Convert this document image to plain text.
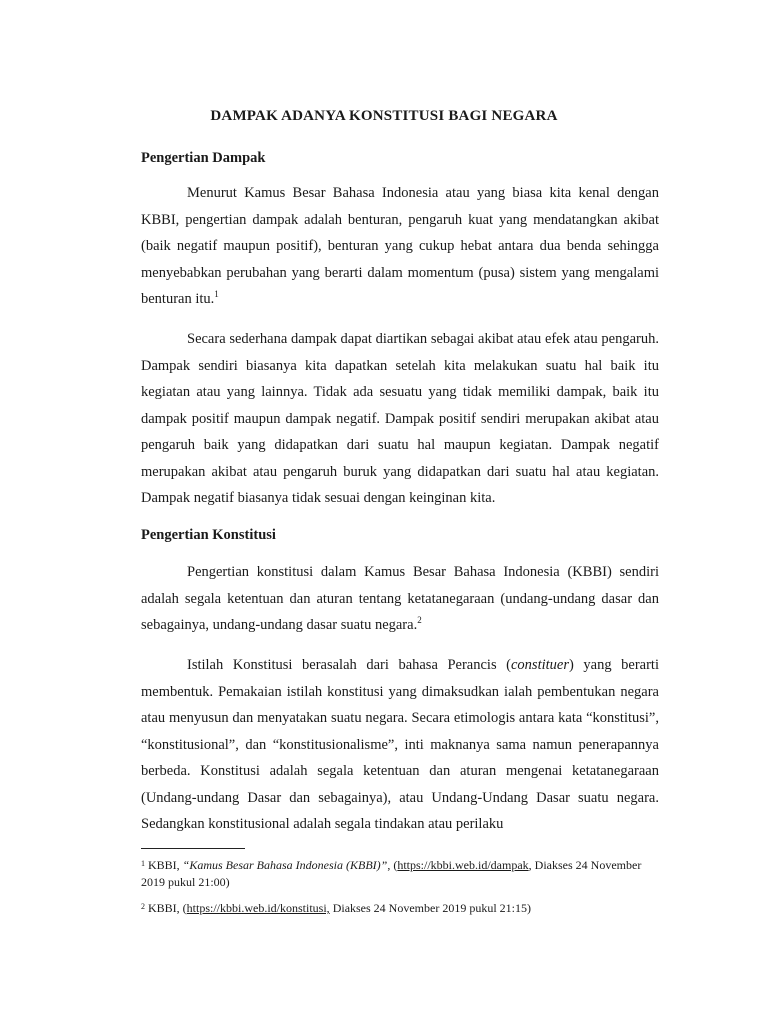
DAMPAK ADANYA KONSTITUSI BAGI NEGARA
Pengertian Dampak

Menurut Kamus Besar Bahasa Indonesia atau yang biasa kita kenal dengan KBBI, pengertian dampak adalah benturan, pengaruh kuat yang mendatangkan akibat (baik negatif maupun positif), benturan yang cukup hebat antara dua benda sehingga menyebabkan perubahan yang berarti dalam momentum (pusa) sistem yang mengalami benturan itu.$^1$

Secara sederhana dampak dapat diartikan sebagai akibat atau efek atau pengaruh. Dampak sendiri biasanya kita dapatkan setelah kita melakukan suatu hal baik itu kegiatan atau yang lainnya. Tidak ada sesuatu yang tidak memiliki dampak, baik itu dampak positif maupun dampak negatif. Dampak positif sendiri merupakan akibat atau pengaruh baik yang didapatkan dari suatu hal maupun kegiatan. Dampak negatif merupakan akibat atau pengaruh buruk yang didapatkan dari suatu hal atau kegiatan. Dampak negatif biasanya tidak sesuai dengan keinginan kita.

Pengertian Konstitusi

Pengertian konstitusi dalam Kamus Besar Bahasa Indonesia (KBBI) sendiri adalah segala ketentuan dan aturan tentang ketatanegaraan (undang-undang dasar dan sebagainya, undang-undang dasar suatu negara.$^2$

Istilah Konstitusi berasalah dari bahasa Perancis (constituer) yang berarti membentuk. Pemakaian istilah konstitusi yang dimaksudkan ialah pembentukan negara atau menyusun dan menyatakan suatu negara. Secara etimologis antara kata “konstitusi”, “konstitusional”, dan “konstitusionalisme”, inti maknanya sama namun penerapannya berbeda. Konstitusi adalah segala ketentuan dan aturan mengenai ketatanegaraan (Undang-undang Dasar dan sebagainya), atau Undang-Undang Dasar suatu negara. Sedangkan konstitusional adalah segala tindakan atau perilaku

$^1$ KBBI, “Kamus Besar Bahasa Indonesia (KBBI)”, (https://kbbi.web.id/dampak, Diakses 24 November 2019 pukul 21:00)

$^2$ KBBI, (https://kbbi.web.id/konstitusi, Diakses 24 November 2019 pukul 21:15)
